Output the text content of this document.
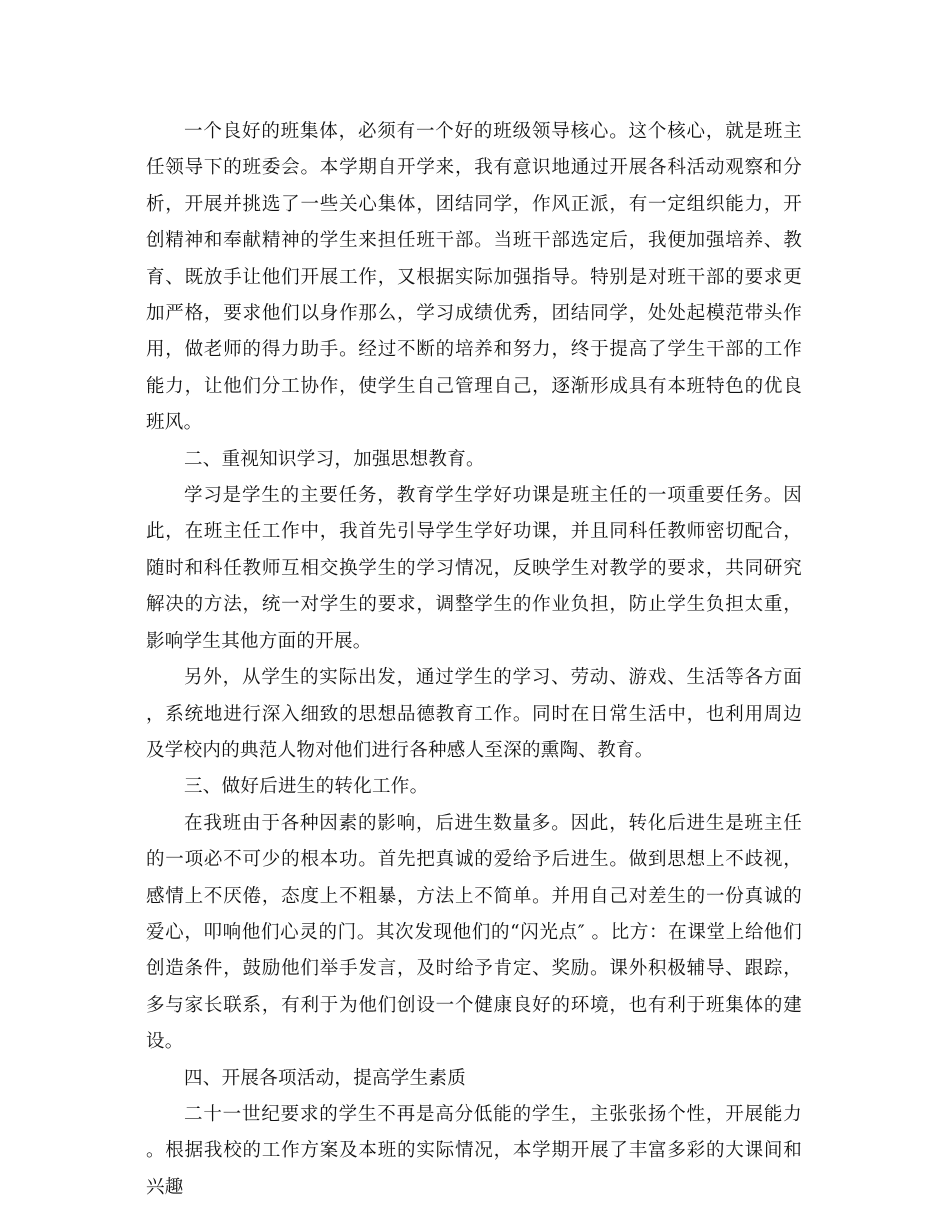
一个良好的班集体，必须有一个好的班级领导核心。这个核心，就是班主任领导下的班委会。本学期自开学来，我有意识地通过开展各科活动观察和分析，开展并挑选了一些关心集体，团结同学，作风正派，有一定组织能力，开创精神和奉献精神的学生来担任班干部。当班干部选定后，我便加强培养、教育、既放手让他们开展工作，又根据实际加强指导。特别是对班干部的要求更加严格，要求他们以身作那么，学习成绩优秀，团结同学，处处起模范带头作用，做老师的得力助手。经过不断的培养和努力，终于提高了学生干部的工作能力，让他们分工协作，使学生自己管理自己，逐渐形成具有本班特色的优良班风。

二、重视知识学习，加强思想教育。

学习是学生的主要任务，教育学生学好功课是班主任的一项重要任务。因此，在班主任工作中，我首先引导学生学好功课，并且同科任教师密切配合，随时和科任教师互相交换学生的学习情况，反映学生对教学的要求，共同研究解决的方法，统一对学生的要求，调整学生的作业负担，防止学生负担太重，影响学生其他方面的开展。

另外，从学生的实际出发，通过学生的学习、劳动、游戏、生活等各方面，系统地进行深入细致的思想品德教育工作。同时在日常生活中，也利用周边及学校内的典范人物对他们进行各种感人至深的熏陶、教育。

三、做好后进生的转化工作。

在我班由于各种因素的影响，后进生数量多。因此，转化后进生是班主任的一项必不可少的根本功。首先把真诚的爱给予后进生。做到思想上不歧视，感情上不厌倦，态度上不粗暴，方法上不简单。并用自己对差生的一份真诚的爱心，叩响他们心灵的门。其次发现他们的“闪光点″ 。比方：在课堂上给他们创造条件，鼓励他们举手发言，及时给予肯定、奖励。课外积极辅导、跟踪，多与家长联系，有利于为他们创设一个健康良好的环境，也有利于班集体的建设。

四、开展各项活动，提高学生素质

二十一世纪要求的学生不再是高分低能的学生，主张张扬个性，开展能力。根据我校的工作方案及本班的实际情况，本学期开展了丰富多彩的大课间和兴趣
